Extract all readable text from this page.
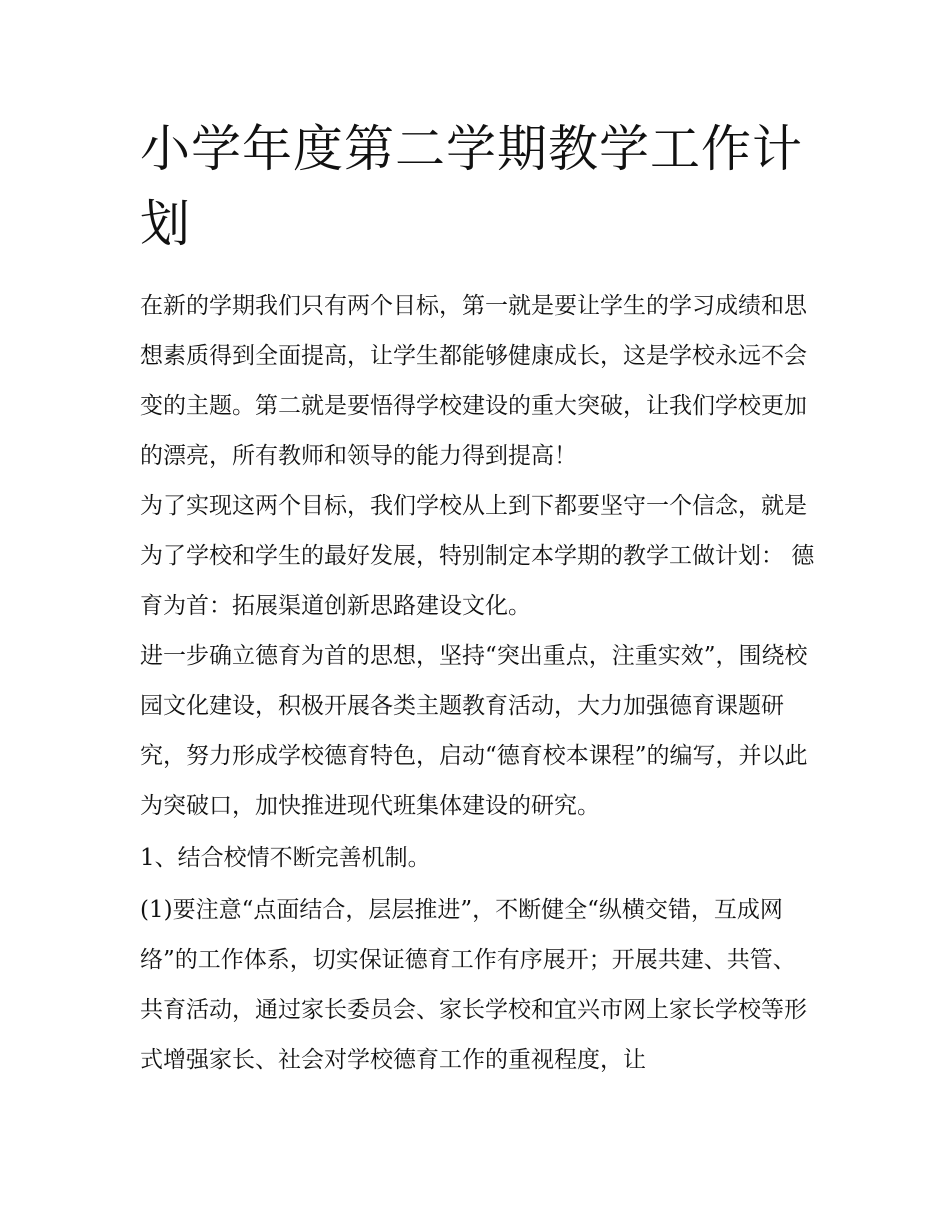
小学年度第二学期教学工作计划

在新的学期我们只有两个目标，第一就是要让学生的学习成绩和思想素质得到全面提高，让学生都能够健康成长，这是学校永远不会变的主题。第二就是要悟得学校建设的重大突破，让我们学校更加的漂亮，所有教师和领导的能力得到提高！

为了实现这两个目标，我们学校从上到下都要坚守一个信念，就是为了学校和学生的最好发展，特别制定本学期的教学工做计划： 德育为首：拓展渠道创新思路建设文化。

进一步确立德育为首的思想，坚持“突出重点，注重实效”，围绕校园文化建设，积极开展各类主题教育活动，大力加强德育课题研究，努力形成学校德育特色，启动“德育校本课程”的编写，并以此为突破口，加快推进现代班集体建设的研究。

1、结合校情不断完善机制。

(1)要注意“点面结合，层层推进”，不断健全“纵横交错，互成网络”的工作体系，切实保证德育工作有序展开；开展共建、共管、共育活动，通过家长委员会、家长学校和宜兴市网上家长学校等形式增强家长、社会对学校德育工作的重视程度，让
